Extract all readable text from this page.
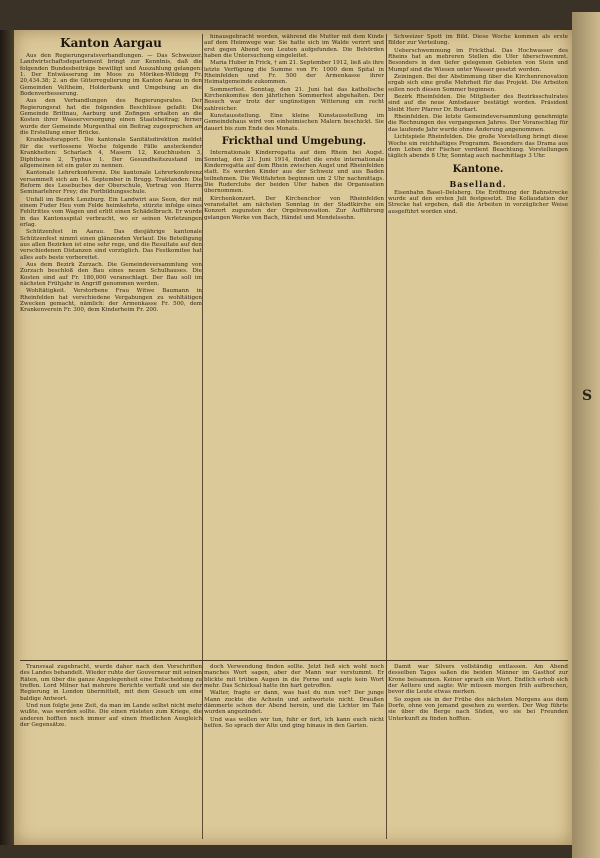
S
Kanton Aargau

Aus den Regierungsratsverhandlungen. — Das Schweizer. Landwirtschaftsdepartement bringt zur Kenntnis, daß die folgenden Bundesbeiträge bewilligt und Auszahlung gelangen: 1. Der Entwässerung im Moos zu Möriken-Wildegg Fr. 20,434.38; 2. an die Güterregulierung im Kanton Aarau in den Gemeinden Veltheim, Holderbank und Umgebung an die Bodenverbesserung.

Aus den Verhandlungen des Regierungsrates. Der Regierungsrat hat die folgenden Beschlüsse gefaßt: Die Gemeinde Brittnau, Aarburg und Zofingen erhalten an die Kosten ihrer Wasserversorgung einen Staatsbeitrag; ferner wurde der Gemeinde Murgenthal ein Beitrag zugesprochen an die Erstellung einer Brücke.

Krankheitsrapport. Die kantonale Sanitätsdirektion meldet für die verflossene Woche folgende Fälle ansteckender Krankheiten: Scharlach 4, Masern 12, Keuchhusten 3, Diphtherie 2, Typhus 1. Der Gesundheitszustand im allgemeinen ist ein guter zu nennen.

Kantonale Lehrerkonferenz. Die kantonale Lehrerkonferenz versammelt sich am 14. September in Brugg. Traktanden: Die Reform des Lesebuches der Oberschule, Vortrag von Herrn Seminarlehrer Frey; die Fortbildungsschule.

Unfall im Bezirk Lenzburg. Ein Landwirt aus Seon, der mit einem Fuder Heu vom Felde heimkehrte, stürzte infolge eines Fehltrittes vom Wagen und erlitt einen Schädelbruch. Er wurde in das Kantonsspital verbracht, wo er seinen Verletzungen erlag.

Schützenfest in Aarau. Das diesjährige kantonale Schützenfest nimmt einen glänzenden Verlauf. Die Beteiligung aus allen Bezirken ist eine sehr rege, und die Resultate auf den verschiedenen Distanzen sind vorzüglich. Das Festkomitee hat alles aufs beste vorbereitet.

Aus dem Bezirk Zurzach. Die Gemeindeversammlung von Zurzach beschloß den Bau eines neuen Schulhauses. Die Kosten sind auf Fr. 180,000 veranschlagt. Der Bau soll im nächsten Frühjahr in Angriff genommen werden.

Wohltätigkeit. Verstorbene Frau Witwe Baumann in Rheinfelden hat verschiedene Vergabungen zu wohltätigen Zwecken gemacht, nämlich: der Armenkasse Fr. 500, dem Krankenverein Fr. 300, dem Kinderheim Fr. 200.

hinausgebracht worden, während die Mutter mit dem Kinde auf dem Heimwege war. Sie hatte sich im Walde verirrt und erst gegen Abend von Leuten aufgefunden. Die Behörden haben die Untersuchung eingeleitet.

Maria Huber in Frick, † am 21. September 1912, ließ als ihre letzte Verfügung die Summe von Fr. 1000 dem Spital in Rheinfelden und Fr. 500 der Armenkasse ihrer Heimatgemeinde zukommen.

Sommerfest. Sonntag, den 21. Juni hat das katholische Kirchenkomitee den jährlichen Sommerfest abgehalten. Der Besuch war trotz der ungünstigen Witterung ein recht zahlreicher.

Kunstausstellung. Eine kleine Kunstausstellung im Gemeindehaus wird von einheimischen Malern beschickt. Sie dauert bis zum Ende des Monats.

Frickthal und Umgebung.

Internationale Kinderregatta auf dem Rhein bei Augst. Sonntag, den 21. Juni 1914, findet die erste internationale Kinderregatta auf dem Rhein zwischen Augst und Rheinfelden statt. Es werden Kinder aus der Schweiz und aus Baden teilnehmen. Die Wettfahrten beginnen um 2 Uhr nachmittags. Die Ruderclubs der beiden Ufer haben die Organisation übernommen.

Kirchenkonzert. Der Kirchenchor von Rheinfelden veranstaltet am nächsten Sonntag in der Stadtkirche ein Konzert zugunsten der Orgelrenovation. Zur Aufführung gelangen Werke von Bach, Händel und Mendelssohn.

Schweizer Spott im Bild. Diese Woche kommen als erste Bilder zur Verteilung.

Ueberschwemmung im Frickthal. Das Hochwasser des Rheins hat an mehreren Stellen die Ufer überschwemmt. Besonders in den tiefer gelegenen Gebieten von Stein und Mumpf sind die Wiesen unter Wasser gesetzt worden.

Zeiningen. Bei der Abstimmung über die Kirchenrenovation ergab sich eine große Mehrheit für das Projekt. Die Arbeiten sollen noch diesen Sommer beginnen.

Bezirk Rheinfelden. Die Mitglieder des Bezirksschulrates sind auf die neue Amtsdauer bestätigt worden. Präsident bleibt Herr Pfarrer Dr. Burkart.

Rheinfelden. Die letzte Gemeindeversammlung genehmigte die Rechnungen des vergangenen Jahres. Der Voranschlag für das laufende Jahr wurde ohne Änderung angenommen.

Lichtspiele Rheinfelden. Die große Vorstellung bringt diese Woche ein reichhaltiges Programm. Besonders das Drama aus dem Leben der Fischer verdient Beachtung. Vorstellungen täglich abends 8 Uhr, Sonntag auch nachmittags 3 Uhr.

Kantone.
Baselland.

Eisenbahn Basel–Delsberg. Die Eröffnung der Bahnstrecke wurde auf den ersten Juli festgesetzt. Die Kollaudation der Strecke hat ergeben, daß die Arbeiten in vorzüglicher Weise ausgeführt worden sind.

Transvaal zugebracht, wurde daher nach den Vorschriften des Landes behandelt. Wieder ruhte der Gouverneur mit seinen Räten, um über die ganze Angelegenheit eine Entscheidung zu treffen. Lord Milner hat mehrere Berichte verfaßt und sie der Regierung in London übermittelt, mit dem Gesuch um eine baldige Antwort.

Und nun folgte jene Zeit, da man im Lande selbst nicht mehr wußte, was werden sollte. Die einen rüsteten zum Kriege, die anderen hofften noch immer auf einen friedlichen Ausgleich der Gegensätze.

doch Verwendung finden sollte. Jetzt ließ sich wohl noch manches Wort sagen, aber der Mann war verstummt. Er blickte mit trüben Augen in die Ferne und sagte kein Wort mehr. Das Schicksal hatte ihn hart getroffen.

Walter, fragte er dann, was hast du nun vor? Der junge Mann zuckte die Achseln und antwortete nicht. Draußen dämmerte schon der Abend herein, und die Lichter im Tale wurden angezündet.

Und was wollen wir tun, fuhr er fort, ich kann euch nicht helfen. So sprach der Alte und ging hinaus in den Garten.

Damit war Silvers vollständig entlassen. Am Abend desselben Tages saßen die beiden Männer im Gasthof zur Krone beisammen. Keiner sprach ein Wort. Endlich erhob sich der Aeltere und sagte: Wir müssen morgen früh aufbrechen, bevor die Leute etwas merken.

So zogen sie in der Frühe des nächsten Morgens aus dem Dorfe, ohne von jemand gesehen zu werden. Der Weg führte sie über die Berge nach Süden, wo sie bei Freunden Unterkunft zu finden hofften.
